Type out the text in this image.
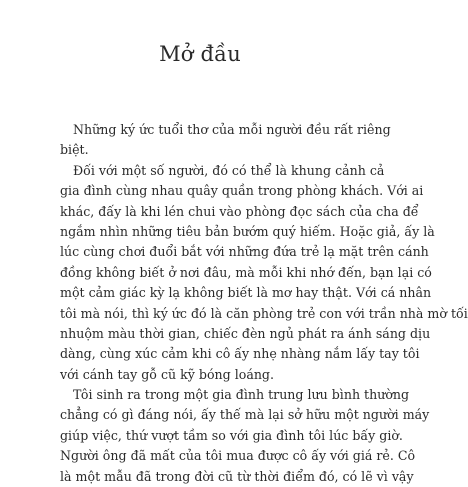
Mở đầu
Những ký ức tuổi thơ của mỗi người đều rất riêng
biệt.
Đối với một số người, đó có thể là khung cảnh cả
gia đình cùng nhau quây quần trong phòng khách. Với ai
khác, đấy là khi lén chui vào phòng đọc sách của cha để
ngắm nhìn những tiêu bản bướm quý hiếm. Hoặc giả, ấy là
lúc cùng chơi đuổi bắt với những đứa trẻ lạ mặt trên cánh
đồng không biết ở nơi đâu, mà mỗi khi nhớ đến, bạn lại có
một cảm giác kỳ lạ không biết là mơ hay thật. Với cá nhân
tôi mà nói, thì ký ức đó là căn phòng trẻ con với trần nhà mờ tối
nhuộm màu thời gian, chiếc đèn ngủ phát ra ánh sáng dịu
dàng, cùng xúc cảm khi cô ấy nhẹ nhàng nắm lấy tay tôi
với cánh tay gỗ cũ kỹ bóng loáng.
Tôi sinh ra trong một gia đình trung lưu bình thường
chẳng có gì đáng nói, ấy thế mà lại sở hữu một người máy
giúp việc, thứ vượt tầm so với gia đình tôi lúc bấy giờ.
Người ông đã mất của tôi mua được cô ấy với giá rẻ. Cô
là một mẫu đã trong đời cũ từ thời điểm đó, có lẽ vì vậy
